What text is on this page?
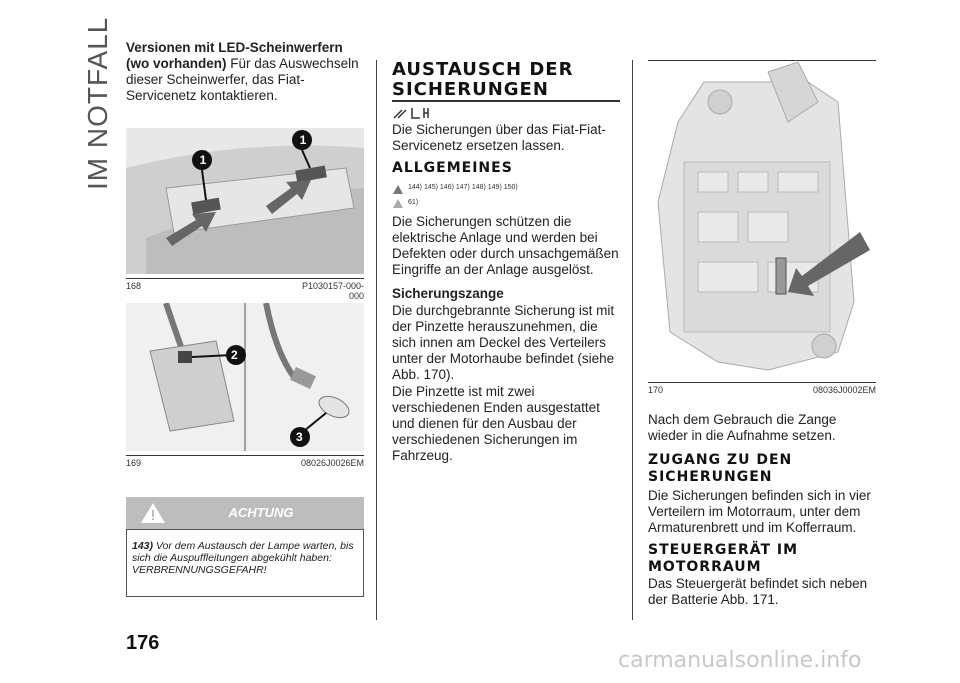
IM NOTFALL Versionen mit LED-Scheinwerfern (wo vorhanden) Für das Auswechseln dieser Scheinwerfer, das Fiat-Servicenetz kontaktieren.
1
1
168	P1030157-000-000
2
3
169	08026J0026EM
ACHTUNG
143) Vor dem Austausch der Lampe warten, bis sich die Auspuffleitungen abgekühlt haben: VERBRENNUNGSGEFAHR!
AUSTAUSCH DER SICHERUNGEN
Die Sicherungen über das Fiat-Fiat-Servicenetz ersetzen lassen.
ALLGEMEINES
144) 145) 146) 147) 148) 149) 150)
61)
Die Sicherungen schützen die elektrische Anlage und werden bei Defekten oder durch unsachgemäßen Eingriffe an der Anlage ausgelöst.
Sicherungszange
Die durchgebrannte Sicherung ist mit der Pinzette herauszunehmen, die sich innen am Deckel des Verteilers unter der Motorhaube befindet (siehe Abb. 170).
Die Pinzette ist mit zwei verschiedenen Enden ausgestattet und dienen für den Ausbau der verschiedenen Sicherungen im Fahrzeug.
170	08036J0002EM
Nach dem Gebrauch die Zange wieder in die Aufnahme setzen.
ZUGANG ZU DEN SICHERUNGEN
Die Sicherungen befinden sich in vier Verteilern im Motorraum, unter dem Armaturenbrett und im Kofferraum.
STEUERGERÄT IM MOTORRAUM
Das Steuergerät befindet sich neben der Batterie Abb. 171.
176
carmanualsonline.info
